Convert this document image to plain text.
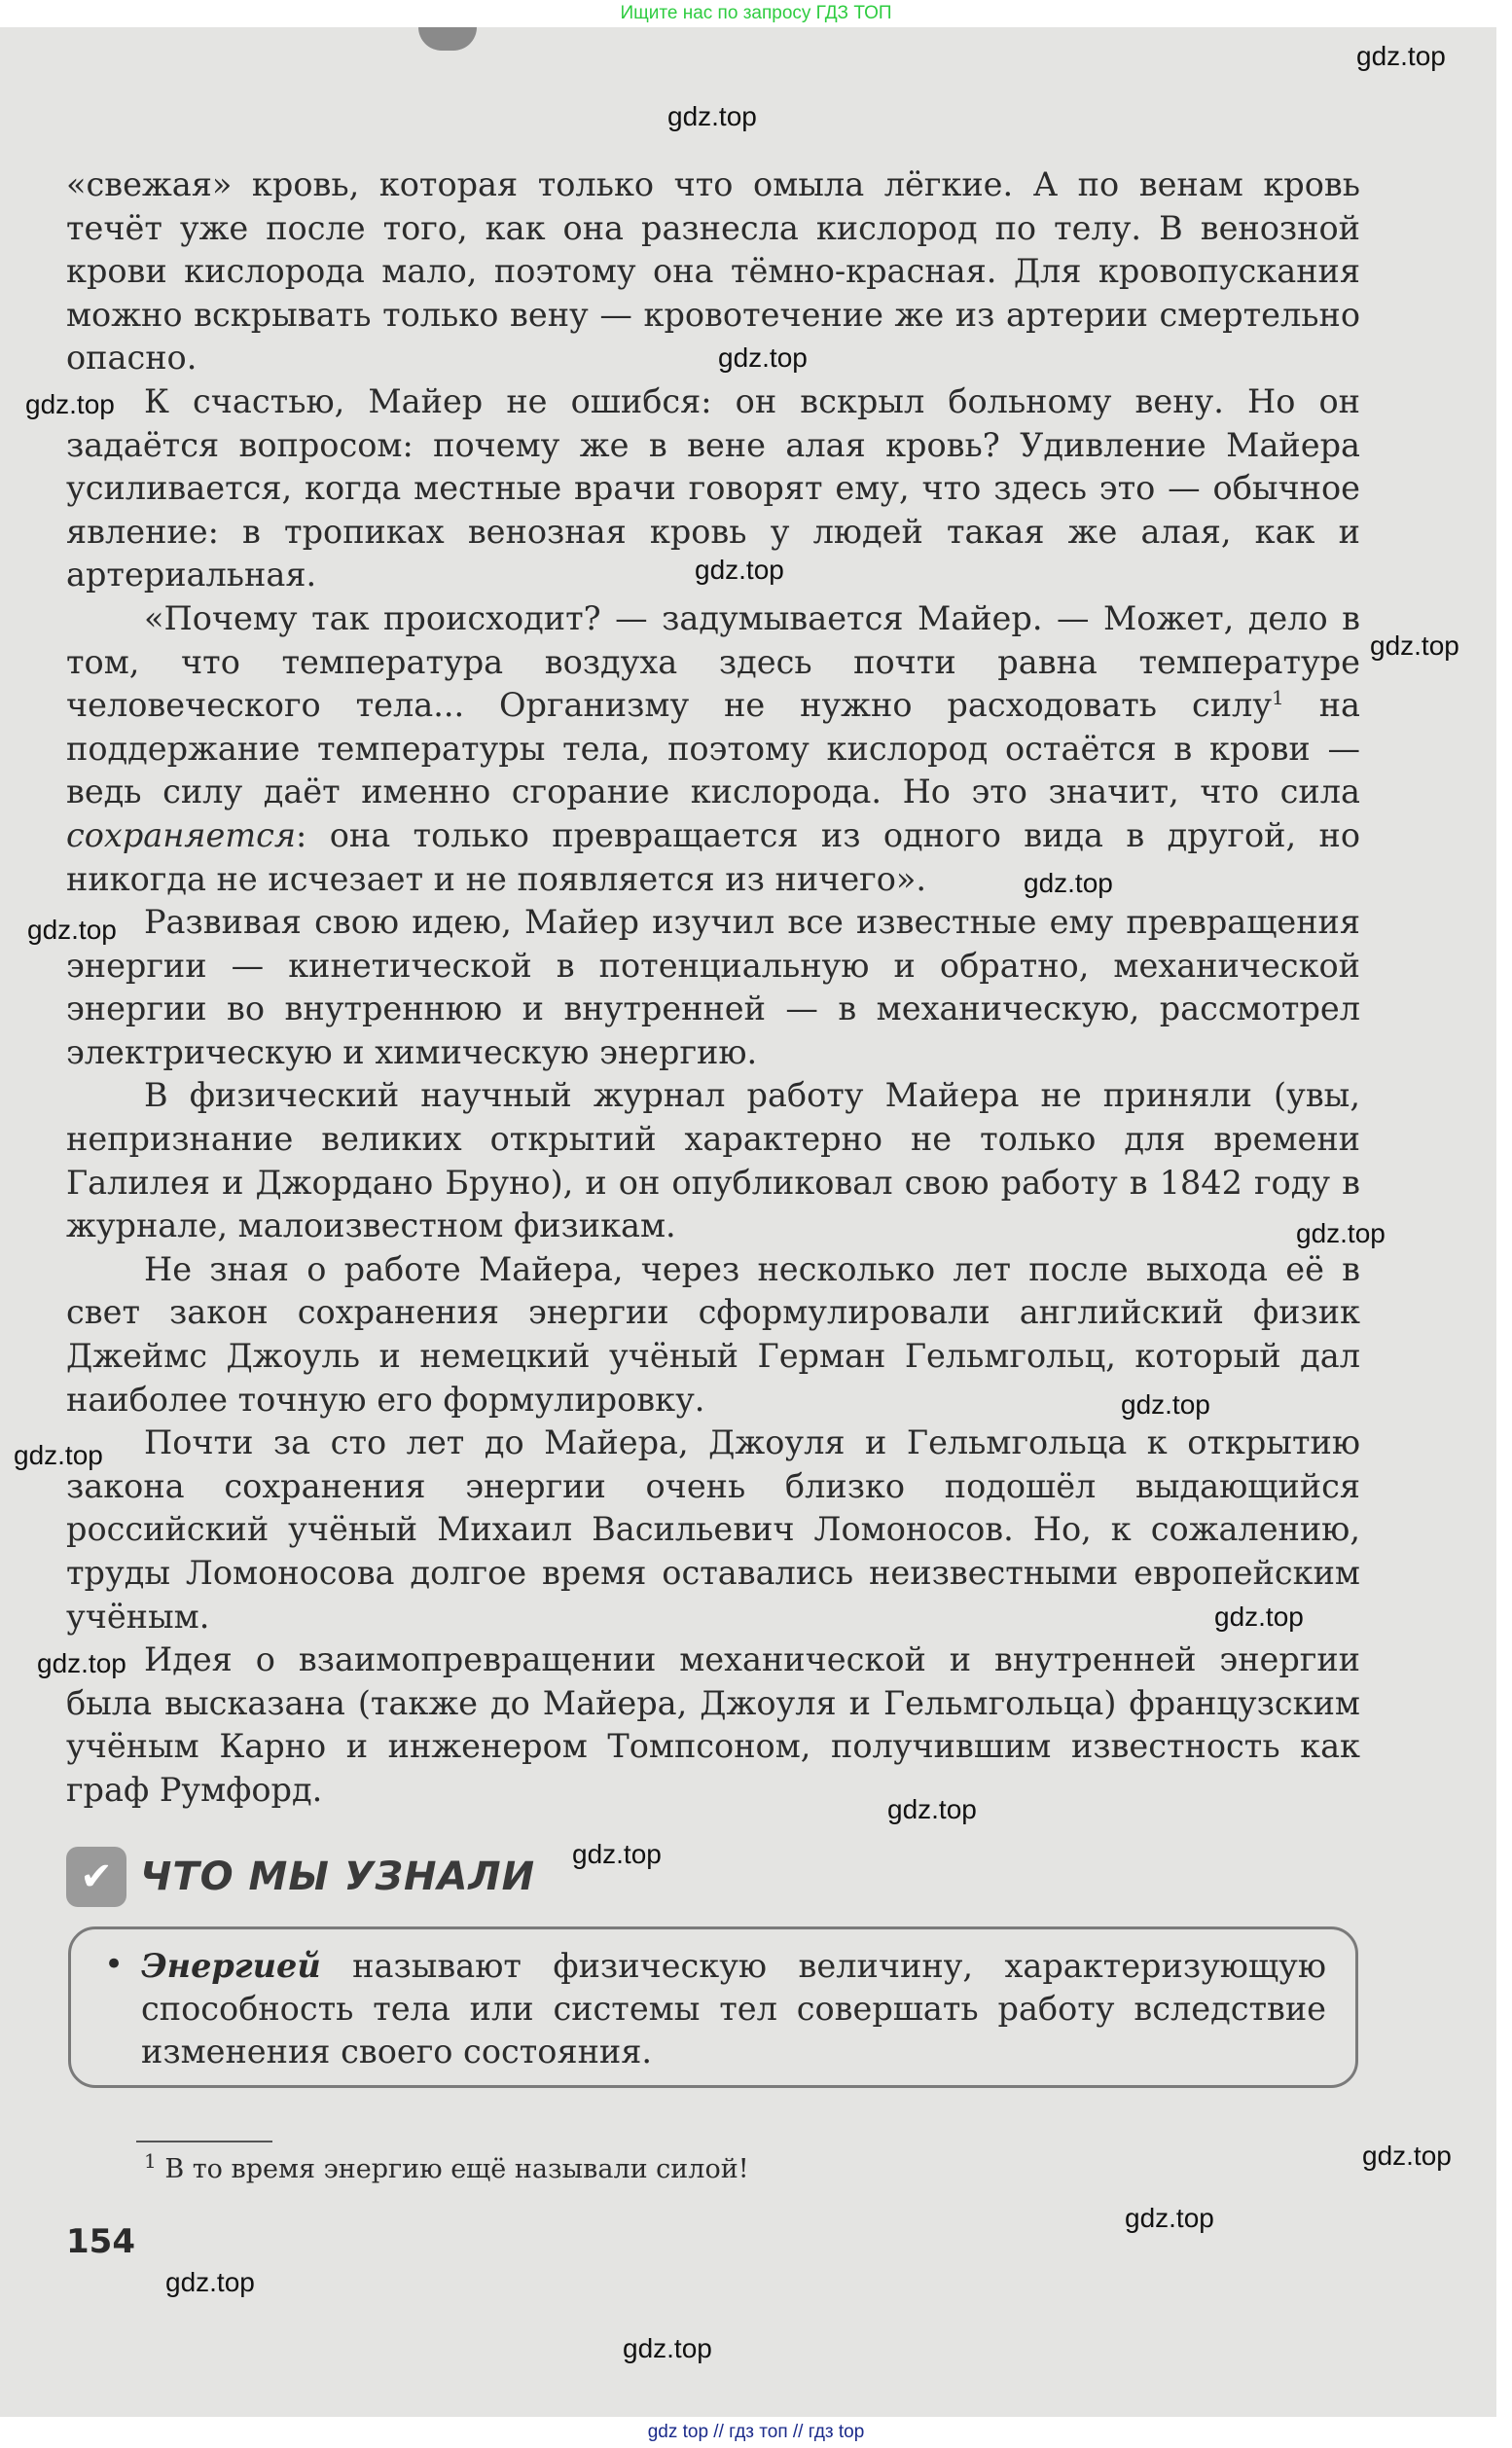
Ищите нас по запросу ГДЗ ТОП

«свежая» кровь, которая только что омыла лёгкие. А по венам кровь течёт уже после того, как она разнесла кислород по телу. В венозной крови кислорода мало, поэтому она тёмно-красная. Для кровопускания можно вскрывать только вену — кровотечение же из артерии смертельно опасно.

К счастью, Майер не ошибся: он вскрыл больному вену. Но он задаётся вопросом: почему же в вене алая кровь? Удивление Майера усиливается, когда местные врачи говорят ему, что здесь это — обычное явление: в тропиках венозная кровь у людей такая же алая, как и артериальная.

«Почему так происходит? — задумывается Майер. — Может, дело в том, что температура воздуха здесь почти равна температуре человеческого тела... Организму не нужно расходовать силу$^1$ на поддержание температуры тела, поэтому кислород остаётся в крови — ведь силу даёт именно сгорание кислорода. Но это значит, что сила сохраняется: она только превращается из одного вида в другой, но никогда не исчезает и не появляется из ничего».

Развивая свою идею, Майер изучил все известные ему превращения энергии — кинетической в потенциальную и обратно, механической энергии во внутреннюю и внутренней — в механическую, рассмотрел электрическую и химическую энергию.

В физический научный журнал работу Майера не приняли (увы, непризнание великих открытий характерно не только для времени Галилея и Джордано Бруно), и он опубликовал свою работу в 1842 году в журнале, малоизвестном физикам.

Не зная о работе Майера, через несколько лет после выхода её в свет закон сохранения энергии сформулировали английский физик Джеймс Джоуль и немецкий учёный Герман Гельмгольц, который дал наиболее точную его формулировку.

Почти за сто лет до Майера, Джоуля и Гельмгольца к открытию закона сохранения энергии очень близко подошёл выдающийся российский учёный Михаил Васильевич Ломоносов. Но, к сожалению, труды Ломоносова долгое время оставались неизвестными европейским учёным.

Идея о взаимопревращении механической и внутренней энергии была высказана (также до Майера, Джоуля и Гельмгольца) французским учёным Карно и инженером Томпсоном, получившим известность как граф Румфорд.

✔ ЧТО МЫ УЗНАЛИ
• Энергией называют физическую величину, характеризующую способность тела или системы тел совершать работу вследствие изменения своего состояния.
$^1$ В то время энергию ещё называли силой!
154
gdz.top
gdz.top
gdz.top
gdz.top
gdz.top
gdz.top
gdz.top
gdz.top
gdz.top
gdz.top
gdz.top
gdz.top
gdz.top
gdz.top
gdz.top
gdz.top
gdz.top
gdz.top
gdz.top
gdz top // гдз топ // гдз top
